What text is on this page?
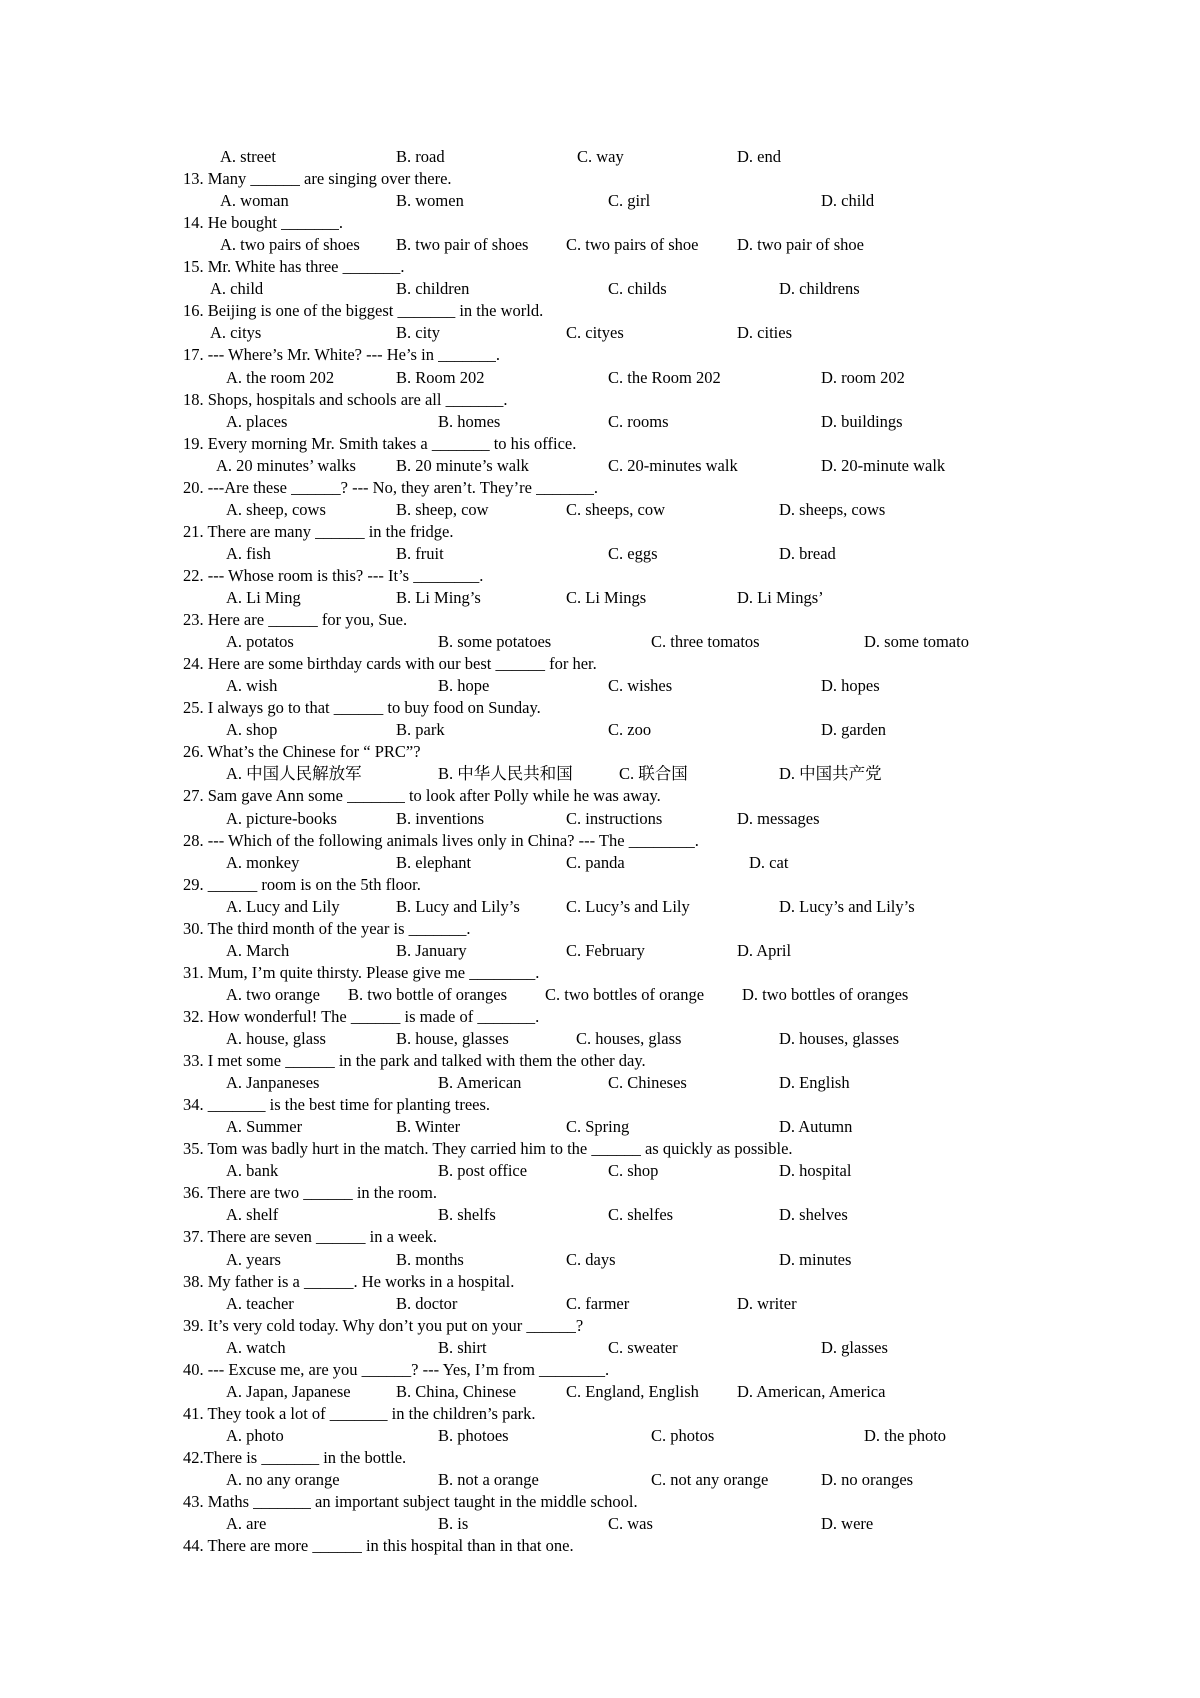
A. street	B. road	C. way	D. end
13. Many ______ are singing over there.
A. woman	B. women	C. girl	D. child
14. He bought _______.
A. two pairs of shoes B. two pair of shoes C. two pairs of shoe D. two pair of shoe
15. Mr. White has three _______.
A. child	B. children	C. childs	D. childrens
16. Beijing is one of the biggest _______ in the world.
A. citys	B. city	C. cityes	D. cities
17. --- Where’s Mr. White? --- He’s in _______.
A. the room 202	B. Room 202	C. the Room 202	D. room 202
18. Shops, hospitals and schools are all _______.
A. places	B. homes	C. rooms	D. buildings
19. Every morning Mr. Smith takes a _______ to his office.
A. 20 minutes’ walks B. 20 minute’s walk	C. 20-minutes walk	D. 20-minute walk
20. ---Are these ______? --- No, they aren’t. They’re _______.
A. sheep, cows	B. sheep, cow	C. sheeps, cow	D. sheeps, cows
21. There are many ______ in the fridge.
A. fish	B. fruit	C. eggs	D. bread
22. --- Whose room is this? --- It’s ________.
A. Li Ming	B. Li Ming’s	C. Li Mings	D. Li Mings’
23. Here are ______ for you, Sue.
A. potatos	B. some potatoes	C. three tomatos	D. some tomato
24. Here are some birthday cards with our best ______ for her.
A. wish	B. hope	C. wishes	D. hopes
25. I always go to that ______ to buy food on Sunday.
A. shop	B. park	C. zoo	D. garden
26. What’s the Chinese for “ PRC”?
A. 中国人民解放军	B. 中华人民共和国	C. 联合国	D. 中国共产党
27. Sam gave Ann some _______ to look after Polly while he was away.
A. picture-books	B. inventions	C. instructions	D. messages
28. --- Which of the following animals lives only in China? --- The ________.
A. monkey	B. elephant	C. panda	D. cat
29. ______ room is on the 5th floor.
A. Lucy and Lily	B. Lucy and Lily’s	C. Lucy’s and Lily	D. Lucy’s and Lily’s
30. The third month of the year is _______.
A. March	B. January	C. February	D. April
31. Mum, I’m quite thirsty. Please give me ________.
A. two orange B. two bottle of oranges C. two bottles of orange D. two bottles of oranges
32. How wonderful! The ______ is made of _______.
A. house, glass	B. house, glasses	C. houses, glass	D. houses, glasses
33. I met some ______ in the park and talked with them the other day.
A. Janpaneses	B. American	C. Chineses	D. English
34. _______ is the best time for planting trees.
A. Summer	B. Winter	C. Spring	D. Autumn
35. Tom was badly hurt in the match. They carried him to the ______ as quickly as possible.
A. bank	B. post office	C. shop	D. hospital
36. There are two ______ in the room.
A. shelf	B. shelfs	C. shelfes	D. shelves
37. There are seven ______ in a week.
A. years	B. months	C. days	D. minutes
38. My father is a ______. He works in a hospital.
A. teacher	B. doctor	C. farmer	D. writer
39. It’s very cold today. Why don’t you put on your ______?
A. watch	B. shirt	C. sweater	D. glasses
40. --- Excuse me, are you ______? --- Yes, I’m from ________.
A. Japan, Japanese	B. China, Chinese	C. England, English D. American, America
41. They took a lot of _______ in the children’s park.
A. photo	B. photoes	C. photos	D. the photo
42.There is _______ in the bottle.
A. no any orange	B. not a orange	C. not any orange	D. no oranges
43. Maths _______ an important subject taught in the middle school.
A. are	B. is	C. was	D. were
44. There are more ______ in this hospital than in that one.
